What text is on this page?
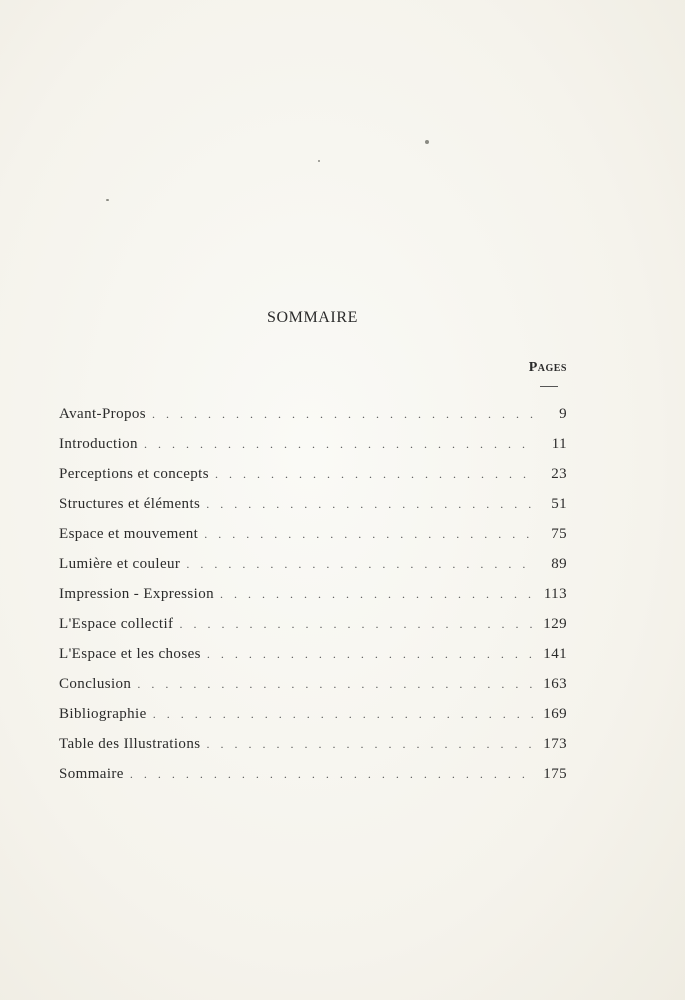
SOMMAIRE
Pages
Avant-Propos . . .	9
Introduction . . .	11
Perceptions et concepts . . .	23
Structures et éléments . . .	51
Espace et mouvement . . .	75
Lumière et couleur . . .	89
Impression - Expression . . .	113
L'Espace collectif . . .	129
L'Espace et les choses . . .	141
Conclusion . . .	163
Bibliographie . . .	169
Table des Illustrations . . .	173
Sommaire . . .	175
